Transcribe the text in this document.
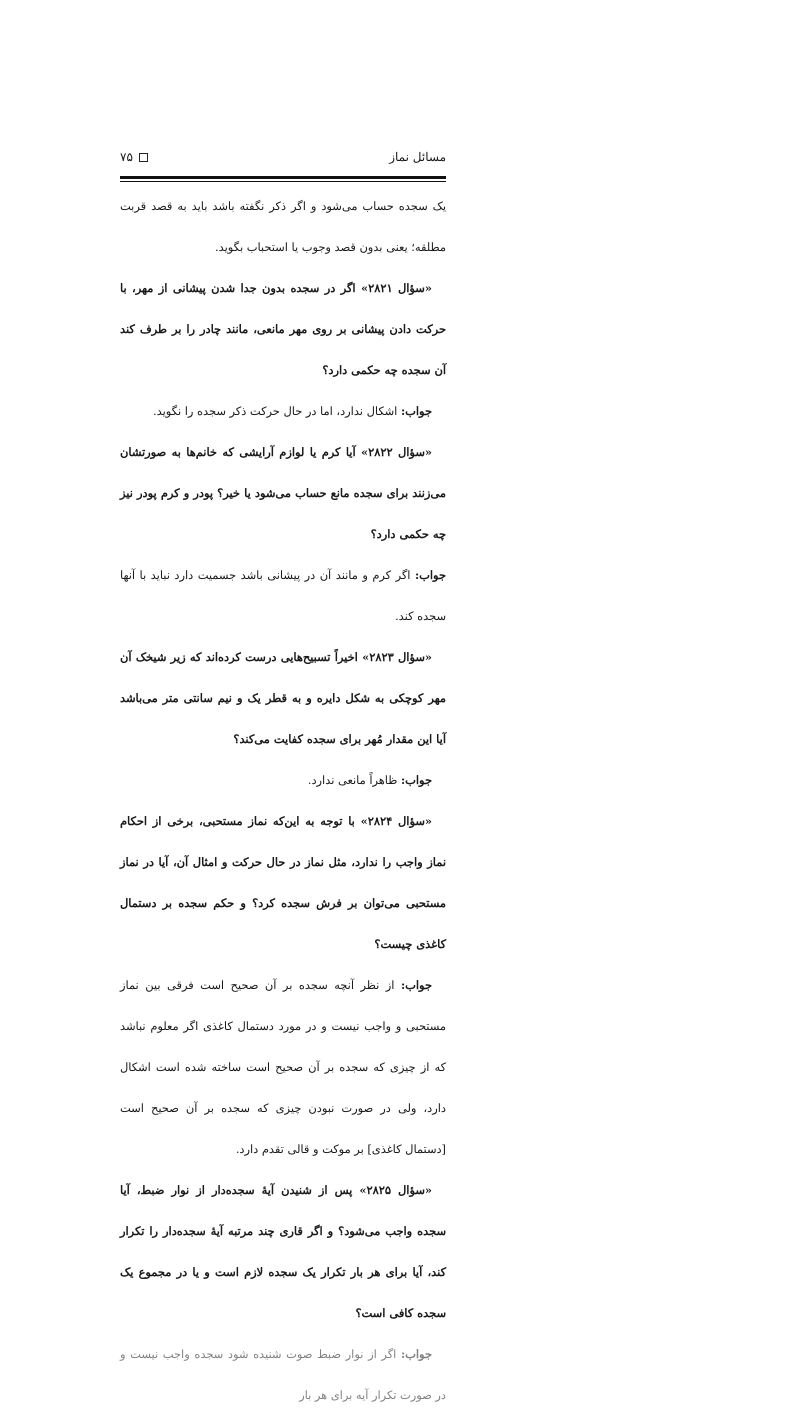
مسائل نماز
۷۵

یک سجده حساب می‌شود و اگر ذکر نگفته باشد باید به قصد قربت مطلقه؛ یعنی بدون قصد وجوب یا استحباب بگوید.

«سؤال ۲۸۲۱» اگر در سجده بدون جدا شدن پیشانی از مهر، با حرکت دادن پیشانی بر روی مهر مانعی، مانند چادر را بر طرف کند آن سجده چه حکمی دارد؟

جواب: اشکال ندارد، اما در حال حرکت ذکر سجده را نگوید.

«سؤال ۲۸۲۲» آیا کرم یا لوازم آرایشی که خانم‌ها به صورتشان می‌زنند برای سجده مانع حساب می‌شود یا خیر؟ پودر و کرم پودر نیز چه حکمی دارد؟

جواب: اگر کرم و مانند آن در پیشانی باشد جسمیت دارد نباید با آنها سجده کند.

«سؤال ۲۸۲۳» اخیراً تسبیح‌هایی درست کرده‌اند که زیر شیخک آن مهر کوچکی به شکل دایره و به قطر یک و نیم سانتی متر می‌باشد آیا این مقدار مُهر برای سجده کفایت می‌کند؟

جواب: ظاهراً مانعی ندارد.

«سؤال ۲۸۲۴» با توجه به این‌که نماز مستحبی، برخی از احکام نماز واجب را ندارد، مثل نماز در حال حرکت و امثال آن، آیا در نماز مستحبی می‌توان بر فرش سجده کرد؟ و حکم سجده بر دستمال کاغذی چیست؟

جواب: از نظر آنچه سجده بر آن صحیح است فرقی بین نماز مستحبی و واجب نیست و در مورد دستمال کاغذی اگر معلوم نباشد که از چیزی که سجده بر آن صحیح است ساخته شده است اشکال دارد، ولی در صورت نبودن چیزی که سجده بر آن صحیح است [دستمال کاغذی] بر موکت و قالی تقدم دارد.

«سؤال ۲۸۲۵» پس از شنیدن آیهٔ سجده‌دار از نوار ضبط، آیا سجده واجب می‌شود؟ و اگر قاری چند مرتبه آیهٔ سجده‌دار را تکرار کند، آیا برای هر بار تکرار یک سجده لازم است و یا در مجموع یک سجده کافی است؟

جواب: اگر از نوار ضبط صوت شنیده شود سجده واجب نیست و در صورت تکرار آیه برای هر بار
